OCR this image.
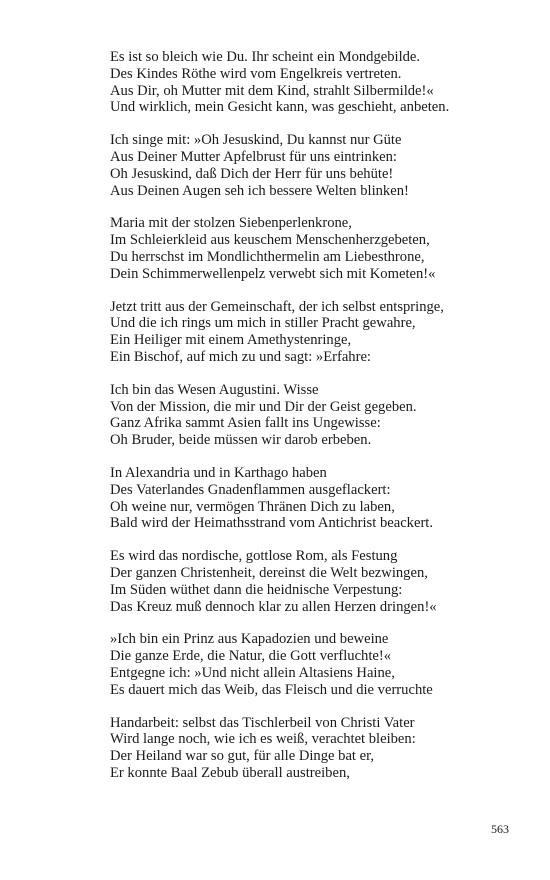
Es ist so bleich wie Du. Ihr scheint ein Mondgebilde.
Des Kindes Röthe wird vom Engelkreis vertreten.
Aus Dir, oh Mutter mit dem Kind, strahlt Silbermilde!«
Und wirklich, mein Gesicht kann, was geschieht, anbeten.
Ich singe mit: »Oh Jesuskind, Du kannst nur Güte
Aus Deiner Mutter Apfelbrust für uns eintrinken:
Oh Jesuskind, daß Dich der Herr für uns behüte!
Aus Deinen Augen seh ich bessere Welten blinken!
Maria mit der stolzen Siebenperlenkrone,
Im Schleierkleid aus keuschem Menschenherzgebeten,
Du herrschst im Mondlichthermelin am Liebesthrone,
Dein Schimmerwellenpelz verwebt sich mit Kometen!«
Jetzt tritt aus der Gemeinschaft, der ich selbst entspringe,
Und die ich rings um mich in stiller Pracht gewahre,
Ein Heiliger mit einem Amethystenringe,
Ein Bischof, auf mich zu und sagt: »Erfahre:
Ich bin das Wesen Augustini. Wisse
Von der Mission, die mir und Dir der Geist gegeben.
Ganz Afrika sammt Asien fallt ins Ungewisse:
Oh Bruder, beide müssen wir darob erbeben.
In Alexandria und in Karthago haben
Des Vaterlandes Gnadenflammen ausgeflackert:
Oh weine nur, vermögen Thränen Dich zu laben,
Bald wird der Heimathsstrand vom Antichrist beackert.
Es wird das nordische, gottlose Rom, als Festung
Der ganzen Christenheit, dereinst die Welt bezwingen,
Im Süden wüthet dann die heidnische Verpestung:
Das Kreuz muß dennoch klar zu allen Herzen dringen!«
»Ich bin ein Prinz aus Kapadozien und beweine
Die ganze Erde, die Natur, die Gott verfluchte!«
Entgegne ich: »Und nicht allein Altasiens Haine,
Es dauert mich das Weib, das Fleisch und die verruchte
Handarbeit: selbst das Tischlerbeil von Christi Vater
Wird lange noch, wie ich es weiß, verachtet bleiben:
Der Heiland war so gut, für alle Dinge bat er,
Er konnte Baal Zebub überall austreiben,
563
